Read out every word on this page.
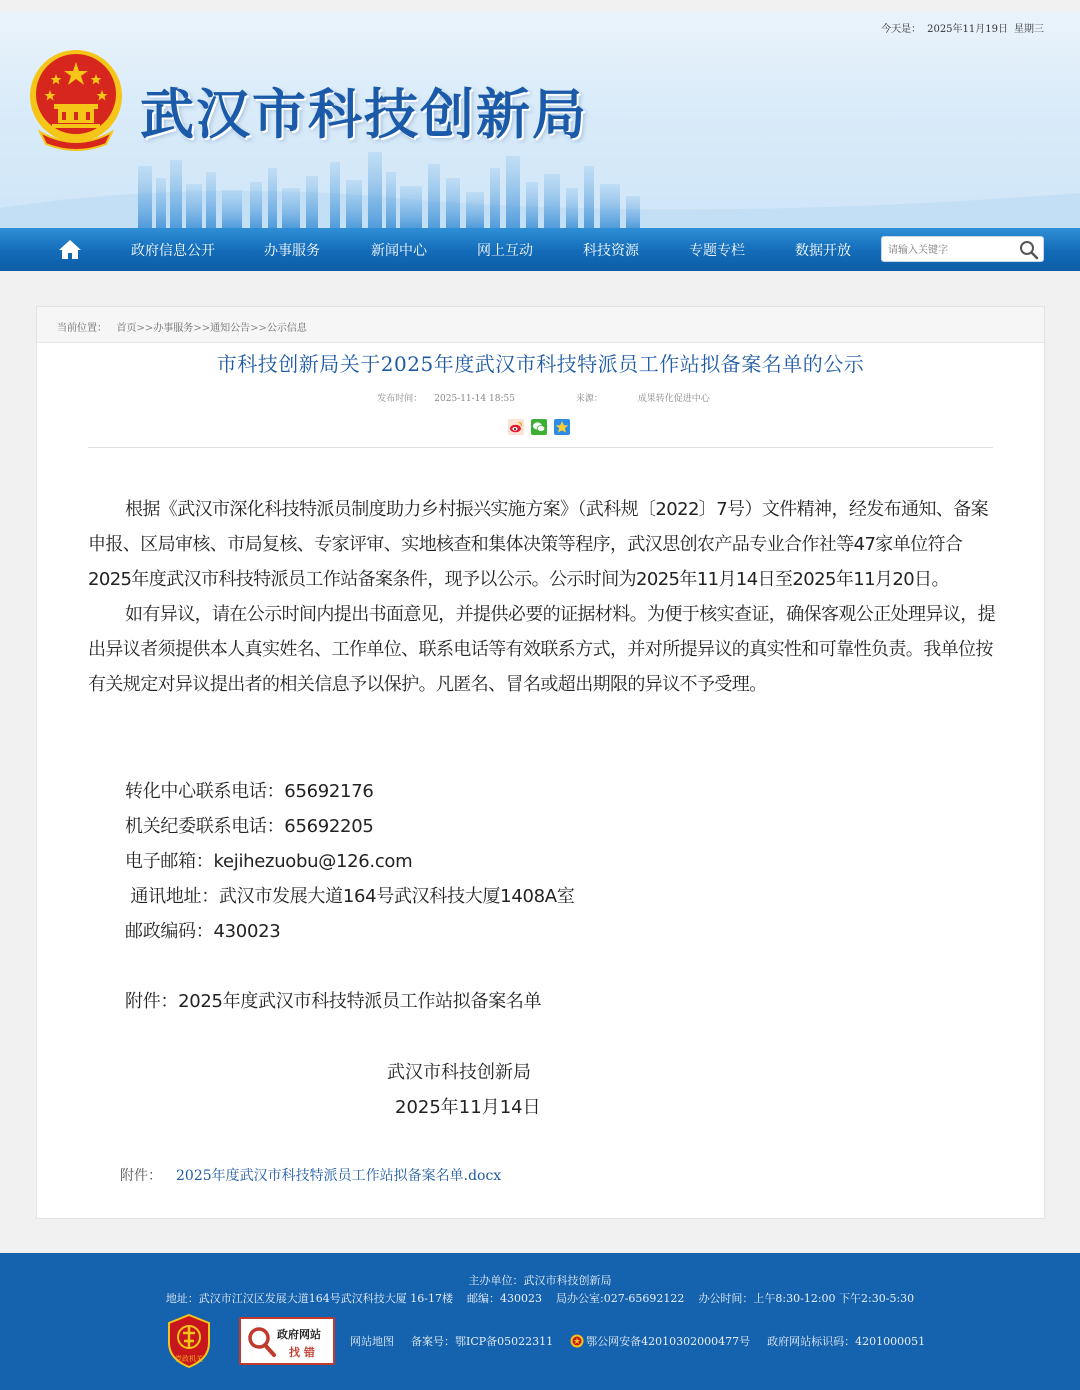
今天是： 2025年11月19日 星期三
武汉市科技创新局
政府信息公开	办事服务	新闻中心	网上互动	科技资源	专题专栏	数据开放
请输入关键字
当前位置： 首页>>办事服务>>通知公告>>公示信息
市科技创新局关于2025年度武汉市科技特派员工作站拟备案名单的公示
发布时间： 2025-11-14 18:55	来源：	成果转化促进中心

根据《武汉市深化科技特派员制度助力乡村振兴实施方案》（武科规〔2022〕7号）文件精神，经发布通知、备案申报、区局审核、市局复核、专家评审、实地核查和集体决策等程序，武汉思创农产品专业合作社等47家单位符合2025年度武汉市科技特派员工作站备案条件，现予以公示。公示时间为2025年11月14日至2025年11月20日。

如有异议，请在公示时间内提出书面意见，并提供必要的证据材料。为便于核实查证，确保客观公正处理异议，提出异议者须提供本人真实姓名、工作单位、联系电话等有效联系方式，并对所提异议的真实性和可靠性负责。我单位按有关规定对异议提出者的相关信息予以保护。凡匿名、冒名或超出期限的异议不予受理。

转化中心联系电话：65692176
机关纪委联系电话：65692205
电子邮箱：kejihezuobu@126.com
通讯地址：武汉市发展大道164号武汉科技大厦1408A室
邮政编码：430023
附件：2025年度武汉市科技特派员工作站拟备案名单
武汉市科技创新局
2025年11月14日
附件： 2025年度武汉市科技特派员工作站拟备案名单.docx
主办单位：武汉市科技创新局
地址：武汉市江汉区发展大道164号武汉科技大厦 16-17楼 邮编：430023 局办公室:027-65692122 办公时间：上午8:30-12:00 下午2:30-5:30
党政机关
政府网站
找 错
网站地图 备案号：鄂ICP备05022311	鄂公网安备42010302000477号 政府网站标识码：4201000051
